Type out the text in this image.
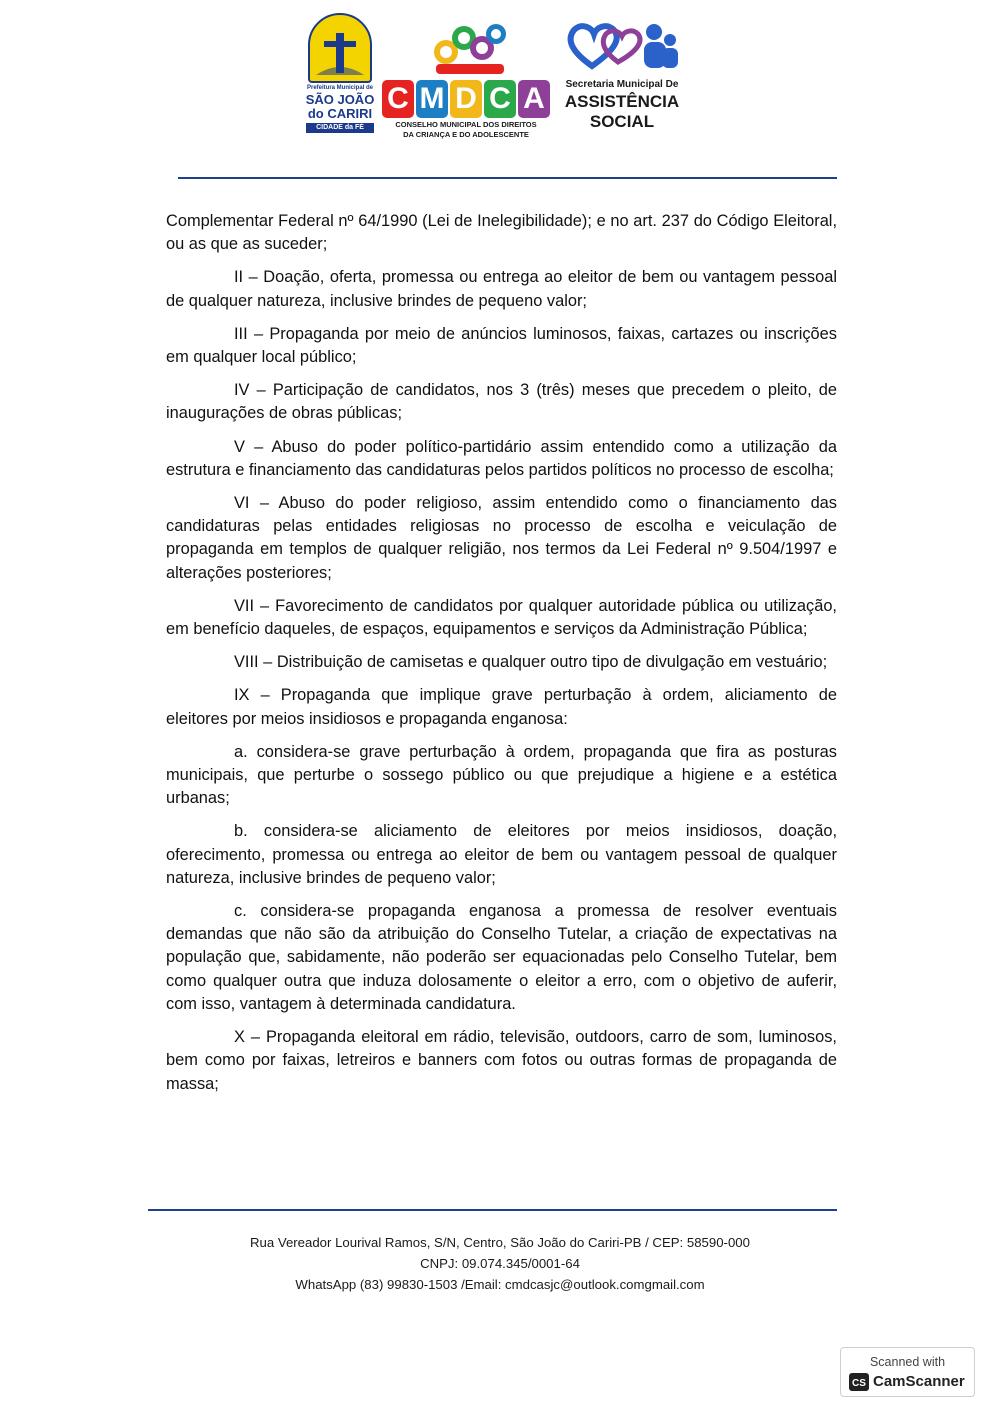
Prefeitura Municipal de
SÃO JOÃO
do CARIRI
CIDADE da FÉ
C M D C A
CONSELHO MUNICIPAL DOS DIREITOS
DA CRIANÇA E DO ADOLESCENTE
Secretaria Municipal De
ASSISTÊNCIA
SOCIAL

Complementar Federal nº 64/1990 (Lei de Inelegibilidade); e no art. 237 do Código Eleitoral, ou as que as suceder;

II – Doação, oferta, promessa ou entrega ao eleitor de bem ou vantagem pessoal de qualquer natureza, inclusive brindes de pequeno valor;

III – Propaganda por meio de anúncios luminosos, faixas, cartazes ou inscrições em qualquer local público;

IV – Participação de candidatos, nos 3 (três) meses que precedem o pleito, de inaugurações de obras públicas;

V – Abuso do poder político-partidário assim entendido como a utilização da estrutura e financiamento das candidaturas pelos partidos políticos no processo de escolha;

VI – Abuso do poder religioso, assim entendido como o financiamento das candidaturas pelas entidades religiosas no processo de escolha e veiculação de propaganda em templos de qualquer religião, nos termos da Lei Federal nº 9.504/1997 e alterações posteriores;

VII – Favorecimento de candidatos por qualquer autoridade pública ou utilização, em benefício daqueles, de espaços, equipamentos e serviços da Administração Pública;

VIII – Distribuição de camisetas e qualquer outro tipo de divulgação em vestuário;

IX – Propaganda que implique grave perturbação à ordem, aliciamento de eleitores por meios insidiosos e propaganda enganosa:

a. considera-se grave perturbação à ordem, propaganda que fira as posturas municipais, que perturbe o sossego público ou que prejudique a higiene e a estética urbanas;

b. considera-se aliciamento de eleitores por meios insidiosos, doação, oferecimento, promessa ou entrega ao eleitor de bem ou vantagem pessoal de qualquer natureza, inclusive brindes de pequeno valor;

c. considera-se propaganda enganosa a promessa de resolver eventuais demandas que não são da atribuição do Conselho Tutelar, a criação de expectativas na população que, sabidamente, não poderão ser equacionadas pelo Conselho Tutelar, bem como qualquer outra que induza dolosamente o eleitor a erro, com o objetivo de auferir, com isso, vantagem à determinada candidatura.

X – Propaganda eleitoral em rádio, televisão, outdoors, carro de som, luminosos, bem como por faixas, letreiros e banners com fotos ou outras formas de propaganda de massa;

Rua Vereador Lourival Ramos, S/N, Centro, São João do Cariri-PB / CEP: 58590-000
CNPJ: 09.074.345/0001-64
WhatsApp (83) 99830-1503 /Email: cmdcasjc@outlook.comgmail.com
Scanned with
CS CamScanner
